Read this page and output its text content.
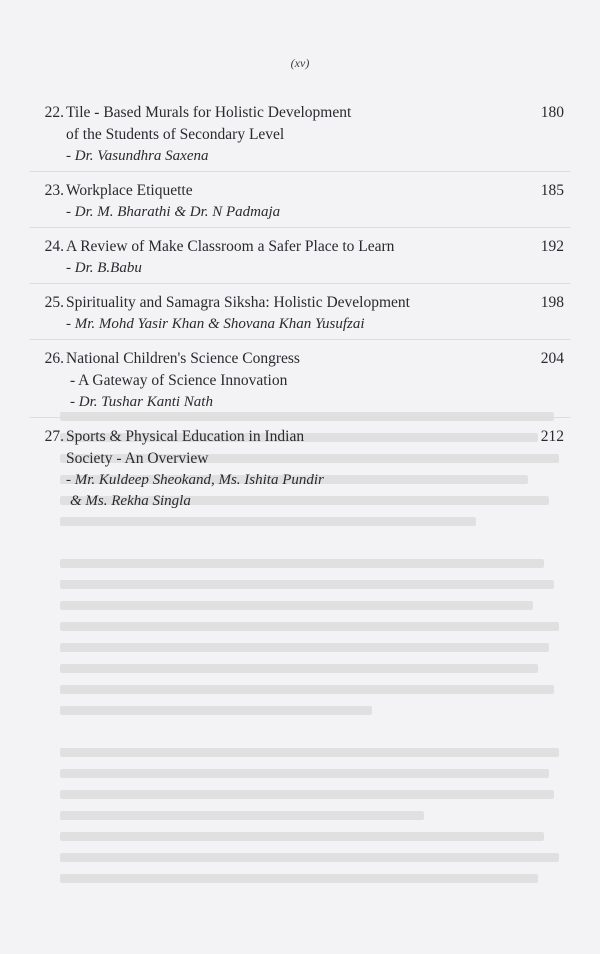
(xv)
22. Tile - Based Murals for Holistic Development
of the Students of Secondary Level
- Dr. Vasundhra Saxena
180
23. Workplace Etiquette
- Dr. M. Bharathi & Dr. N Padmaja
185
24. A Review of Make Classroom a Safer Place to Learn
- Dr. B.Babu
192
25. Spirituality and Samagra Siksha: Holistic Development
- Mr. Mohd Yasir Khan & Shovana Khan Yusufzai
198
26. National Children's Science Congress
- A Gateway of Science Innovation
- Dr. Tushar Kanti Nath
204
27. Sports & Physical Education in Indian
Society - An Overview
- Mr. Kuldeep Sheokand, Ms. Ishita Pundir
& Ms. Rekha Singla
212
